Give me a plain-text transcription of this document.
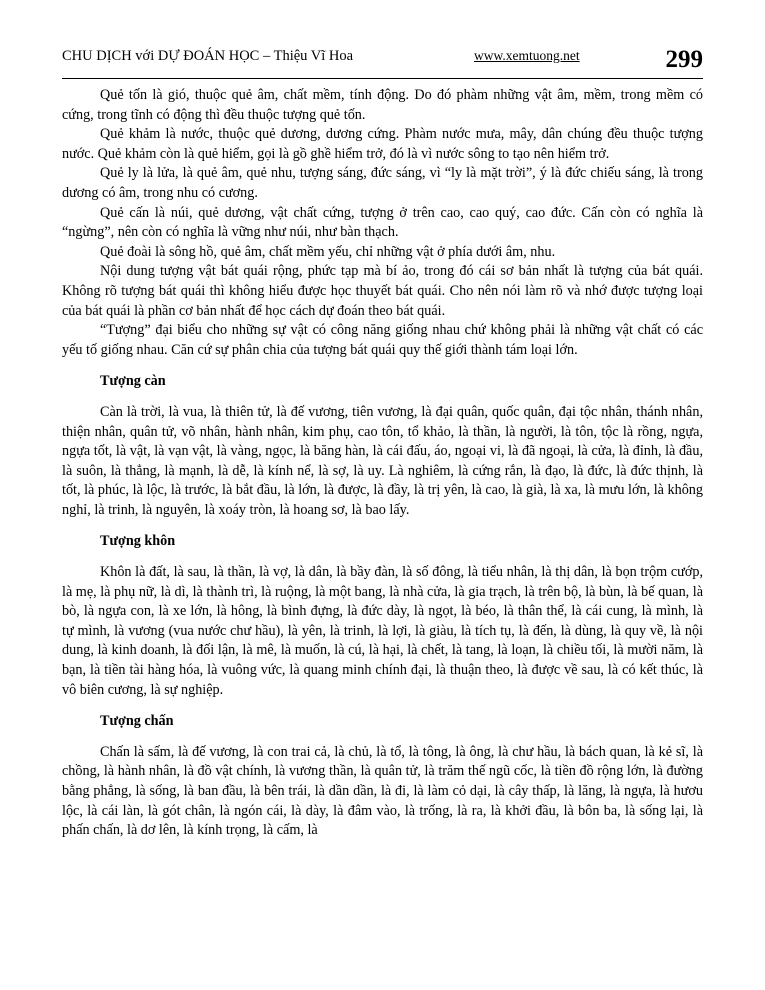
CHU DỊCH với DỰ ĐOÁN HỌC – Thiệu Vĩ Hoa	www.xemtuong.net	299

Quẻ tốn là gió, thuộc quẻ âm, chất mềm, tính động. Do đó phàm những vật âm, mềm, trong mềm có cứng, trong tĩnh có động thì đều thuộc tượng quẻ tốn.

Quẻ khảm là nước, thuộc quẻ dương, dương cứng. Phàm nước mưa, mây, dân chúng đều thuộc tượng nước. Quẻ khảm còn là quẻ hiểm, gọi là gồ ghề hiểm trở, đó là vì nước sông to tạo nên hiểm trở.

Quẻ ly là lửa, là quẻ âm, quẻ nhu, tượng sáng, đức sáng, vì “ly là mặt trời”, ý là đức chiếu sáng, là trong dương có âm, trong nhu có cương.

Quẻ cấn là núi, quẻ dương, vật chất cứng, tượng ở trên cao, cao quý, cao đức. Cấn còn có nghĩa là “ngừng”, nên còn có nghĩa là vững như núi, như bàn thạch.

Quẻ đoài là sông hồ, quẻ âm, chất mềm yếu, chỉ những vật ở phía dưới âm, nhu.

Nội dung tượng vật bát quái rộng, phức tạp mà bí ảo, trong đó cái sơ bản nhất là tượng của bát quái. Không rõ tượng bát quái thì không hiểu được học thuyết bát quái. Cho nên nói làm rõ và nhớ được tượng loại của bát quái là phần cơ bản nhất để học cách dự đoán theo bát quái.

“Tượng” đại biểu cho những sự vật có công năng giống nhau chứ không phải là những vật chất có các yếu tố giống nhau. Căn cứ sự phân chia của tượng bát quái quy thế giới thành tám loại lớn.

Tượng càn

Càn là trời, là vua, là thiên tử, là đế vương, tiên vương, là đại quân, quốc quân, đại tộc nhân, thánh nhân, thiện nhân, quân tử, võ nhân, hành nhân, kim phụ, cao tôn, tổ khảo, là thần, là người, là tôn, tộc là rồng, ngựa, ngựa tốt, là vật, là vạn vật, là vàng, ngọc, là băng hàn, là cái đấu, áo, ngoại vi, là đã ngoại, là cửa, là đỉnh, là đầu, là suôn, là thẳng, là mạnh, là dễ, là kính nể, là sợ, là uy. Là nghiêm, là cứng rắn, là đạo, là đức, là đức thịnh, là tốt, là phúc, là lộc, là trước, là bắt đầu, là lớn, là được, là đầy, là trị yên, là cao, là già, là xa, là mưu lớn, là không nghỉ, là trinh, là nguyên, là xoáy tròn, là hoang sơ, là bao lấy.

Tượng khôn

Khôn là đất, là sau, là thần, là vợ, là dân, là bầy đàn, là số đông, là tiểu nhân, là thị dân, là bọn trộm cướp, là mẹ, là phụ nữ, là dì, là thành trì, là ruộng, là một bang, là nhà cửa, là gia trạch, là trên bộ, là bùn, là bế quan, là bò, là ngựa con, là xe lớn, là hông, là bình đựng, là đức dày, là ngọt, là béo, là thân thể, là cái cung, là mình, là tự mình, là vương (vua nước chư hầu), là yên, là trinh, là lợi, là giàu, là tích tụ, là đến, là dùng, là quy về, là nội dung, là kinh doanh, là đối lận, là mê, là muốn, là cú, là hại, là chết, là tang, là loạn, là chiều tối, là mười năm, là bạn, là tiền tài hàng hóa, là vuông vức, là quang minh chính đại, là thuận theo, là được về sau, là có kết thúc, là vô biên cương, là sự nghiệp.

Tượng chấn

Chấn là sấm, là đế vương, là con trai cả, là chủ, là tổ, là tông, là ông, là chư hầu, là bách quan, là kẻ sĩ, là chồng, là hành nhân, là đồ vật chính, là vương thần, là quân tử, là trăm thế ngũ cốc, là tiền đồ rộng lớn, là đường bằng phẳng, là sống, là ban đầu, là bên trái, là dần dần, là đi, là làm cỏ dại, là cây thấp, là lăng, là ngựa, là hươu lộc, là cái làn, là gót chân, là ngón cái, là dày, là đâm vào, là trống, là ra, là khởi đầu, là bôn ba, là sống lại, là phấn chấn, là dơ lên, là kính trọng, là cấm, là
